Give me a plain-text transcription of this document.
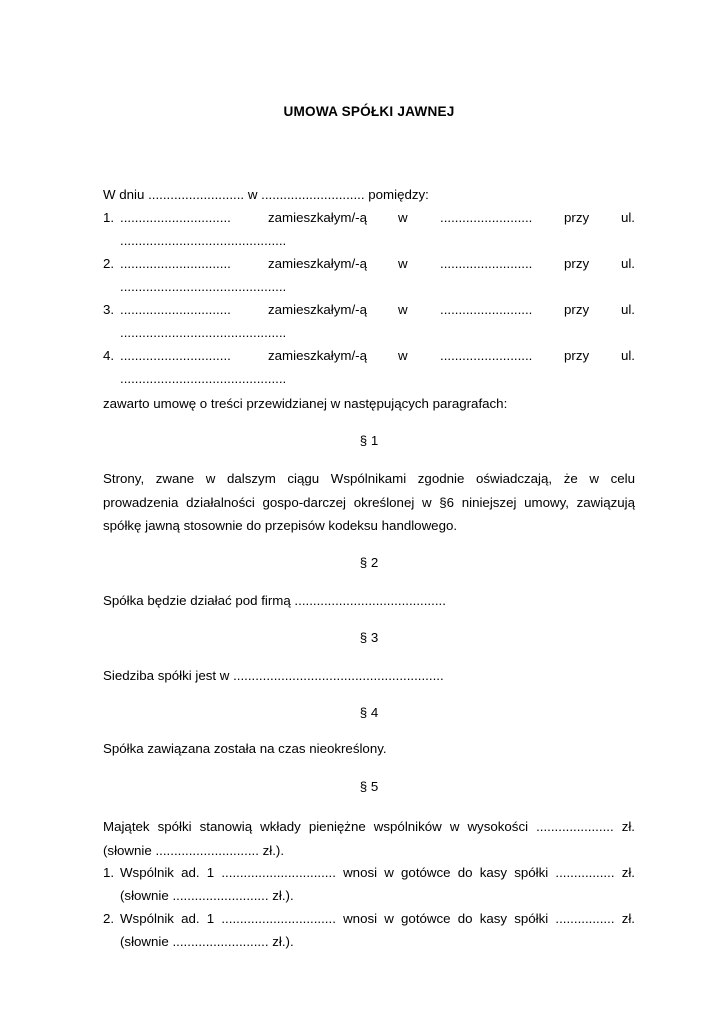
UMOWA SPÓŁKI JAWNEJ
W dniu .......................... w ............................ pomiędzy:
1. ..............................	zamieszkałym/-ą w ......................... przy ul.
.............................................
2. ..............................	zamieszkałym/-ą w ......................... przy ul.
.............................................
3. ..............................	zamieszkałym/-ą w ......................... przy ul.
.............................................
4. ..............................	zamieszkałym/-ą w ......................... przy ul.
.............................................
zawarto umowę o treści przewidzianej w następujących paragrafach:
§ 1
Strony, zwane w dalszym ciągu Wspólnikami zgodnie oświadczają, że w celu
prowadzenia działalności gospo-darczej określonej w §6 niniejszej umowy, zawiązują
spółkę jawną stosownie do przepisów kodeksu handlowego.
§ 2
Spółka będzie działać pod firmą .........................................
§ 3
Siedziba spółki jest w .........................................................
§ 4
Spółka zawiązana została na czas nieokreślony.
§ 5
Majątek spółki stanowią wkłady pieniężne wspólników w wysokości ..................... zł.
(słownie ............................ zł.).
1. Wspólnik ad. 1 ............................... wnosi w gotówce do kasy spółki ................ zł.
(słownie .......................... zł.).
2. Wspólnik ad. 1 ............................... wnosi w gotówce do kasy spółki ................ zł.
(słownie .......................... zł.).
